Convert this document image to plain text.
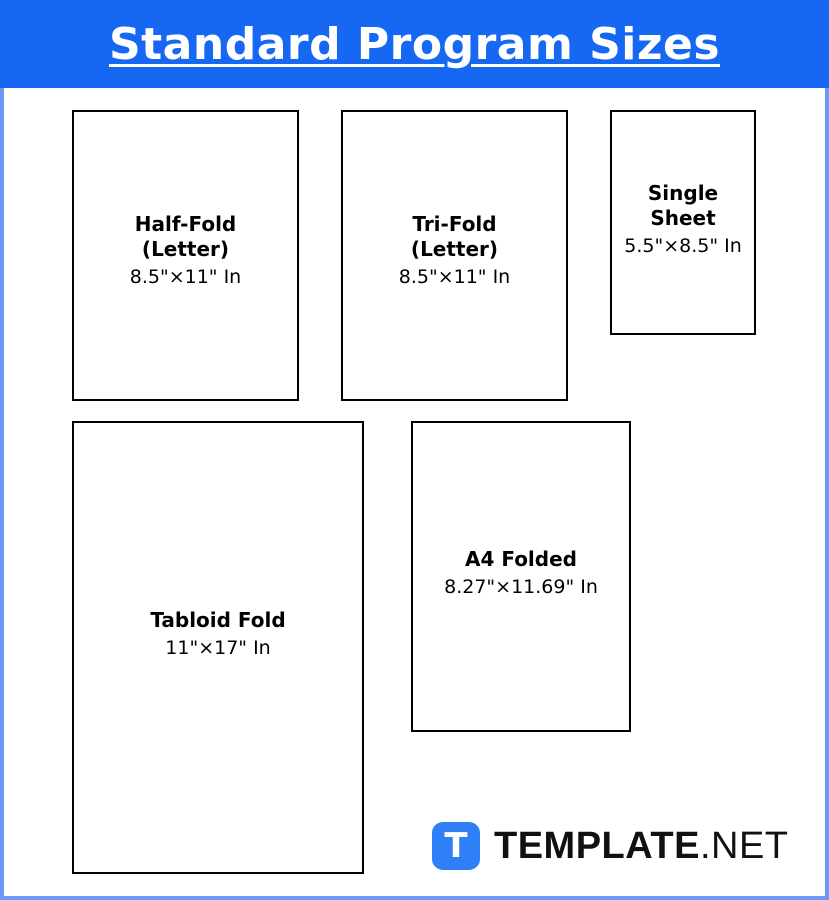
Standard Program Sizes
Half-Fold
(Letter)
8.5"×11" In
Tri-Fold
(Letter)
8.5"×11" In
Single
Sheet
5.5"×8.5" In
Tabloid Fold
11"×17" In
A4 Folded
8.27"×11.69" In
T TEMPLATE.NET
